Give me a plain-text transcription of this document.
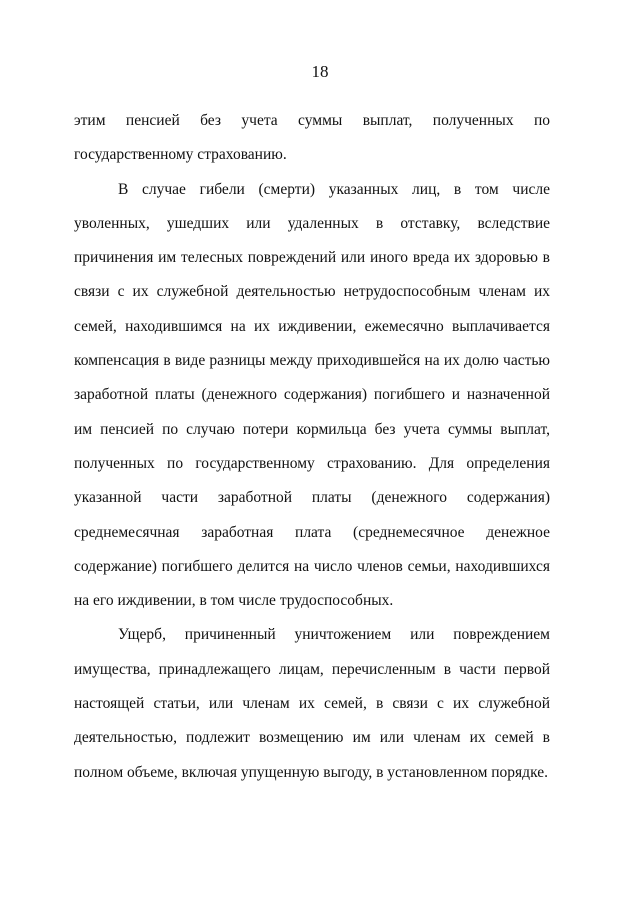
18

этим пенсией без учета суммы выплат, полученных по государственному страхованию.

В случае гибели (смерти) указанных лиц, в том числе уволенных, ушедших или удаленных в отставку, вследствие причинения им телесных повреждений или иного вреда их здоровью в связи с их служебной деятельностью нетрудоспособным членам их семей, находившимся на их иждивении, ежемесячно выплачивается компенсация в виде разницы между приходившейся на их долю частью заработной платы (денежного содержания) погибшего и назначенной им пенсией по случаю потери кормильца без учета суммы выплат, полученных по государственному страхованию. Для определения указанной части заработной платы (денежного содержания) среднемесячная заработная плата (среднемесячное денежное содержание) погибшего делится на число членов семьи, находившихся на его иждивении, в том числе трудоспособных.

Ущерб, причиненный уничтожением или повреждением имущества, принадлежащего лицам, перечисленным в части первой настоящей статьи, или членам их семей, в связи с их служебной деятельностью, подлежит возмещению им или членам их семей в полном объеме, включая упущенную выгоду, в установленном порядке.
